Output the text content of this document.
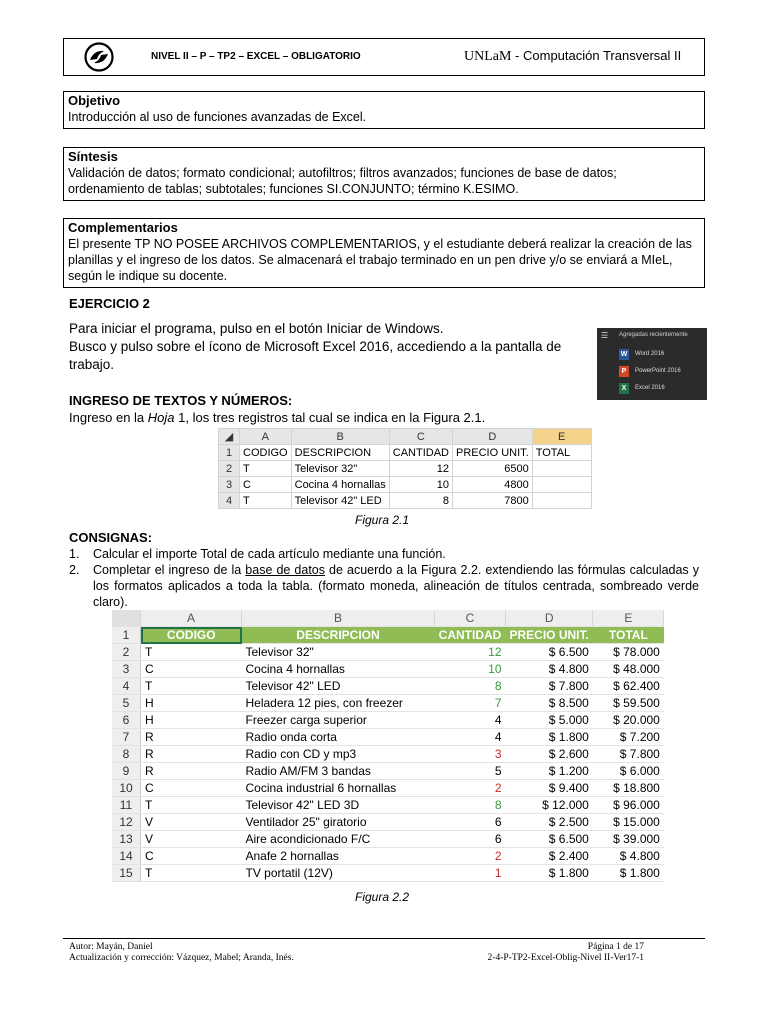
NIVEL II – P – TP2 – EXCEL – OBLIGATORIO	UNLaM - Computación Transversal II
Objetivo
Introducción al uso de funciones avanzadas de Excel.
Síntesis
Validación de datos; formato condicional; autofiltros; filtros avanzados; funciones de base de datos;
ordenamiento de tablas; subtotales; funciones SI.CONJUNTO; término K.ESIMO.
Complementarios
El presente TP NO POSEE ARCHIVOS COMPLEMENTARIOS, y el estudiante deberá realizar la creación de las
planillas y el ingreso de los datos. Se almacenará el trabajo terminado en un pen drive y/o se enviará a MIeL,
según le indique su docente.
EJERCICIO 2
Para iniciar el programa, pulso en el botón Iniciar de Windows.
Busco y pulso sobre el ícono de Microsoft Excel 2016, accediendo a la pantalla de
trabajo.
☰ Agregadas recientemente
W Word 2016
P	PowerPoint 2016
X	Excel 2016
INGRESO DE TEXTOS Y NÚMEROS:
Ingreso en la Hoja 1, los tres registros tal cual se indica en la Figura 2.1.
◢	A	B	C	D	E
1	CODIGO	DESCRIPCION	CANTIDAD	PRECIO UNIT.	TOTAL
2	T	Televisor 32"	12	6500	
3	C	Cocina 4 hornallas	10	4800	
4	T	Televisor 42" LED	8	7800	
Figura 2.1
CONSIGNAS:
1. Calcular el importe Total de cada artículo mediante una función.
2. Completar el ingreso de la base de datos de acuerdo a la Figura 2.2. extendiendo las fórmulas calculadas y los formatos aplicados a toda la tabla. (formato moneda, alineación de títulos centrada, sombreado verde claro).
	A	B	C	D	E
1	CODIGO	DESCRIPCION	CANTIDAD	PRECIO UNIT.	TOTAL
2	T	Televisor 32"	12	$ 6.500	$ 78.000
3	C	Cocina 4 hornallas	10	$ 4.800	$ 48.000
4	T	Televisor 42" LED	8	$ 7.800	$ 62.400
5	H	Heladera 12 pies, con freezer	7	$ 8.500	$ 59.500
6	H	Freezer carga superior	4	$ 5.000	$ 20.000
7	R	Radio onda corta	4	$ 1.800	$ 7.200
8	R	Radio con CD y mp3	3	$ 2.600	$ 7.800
9	R	Radio AM/FM 3 bandas	5	$ 1.200	$ 6.000
10	C	Cocina industrial 6 hornallas	2	$ 9.400	$ 18.800
11	T	Televisor 42" LED 3D	8	$ 12.000	$ 96.000
12	V	Ventilador 25" giratorio	6	$ 2.500	$ 15.000
13	V	Aire acondicionado F/C	6	$ 6.500	$ 39.000
14	C	Anafe 2 hornallas	2	$ 2.400	$ 4.800
15	T	TV portatil (12V)	1	$ 1.800	$ 1.800
Figura 2.2
Autor: Mayán, Daniel
Actualización y corrección: Vázquez, Mabel; Aranda, Inés.
Página 1 de 17
2-4-P-TP2-Excel-Oblig-Nivel II-Ver17-1
